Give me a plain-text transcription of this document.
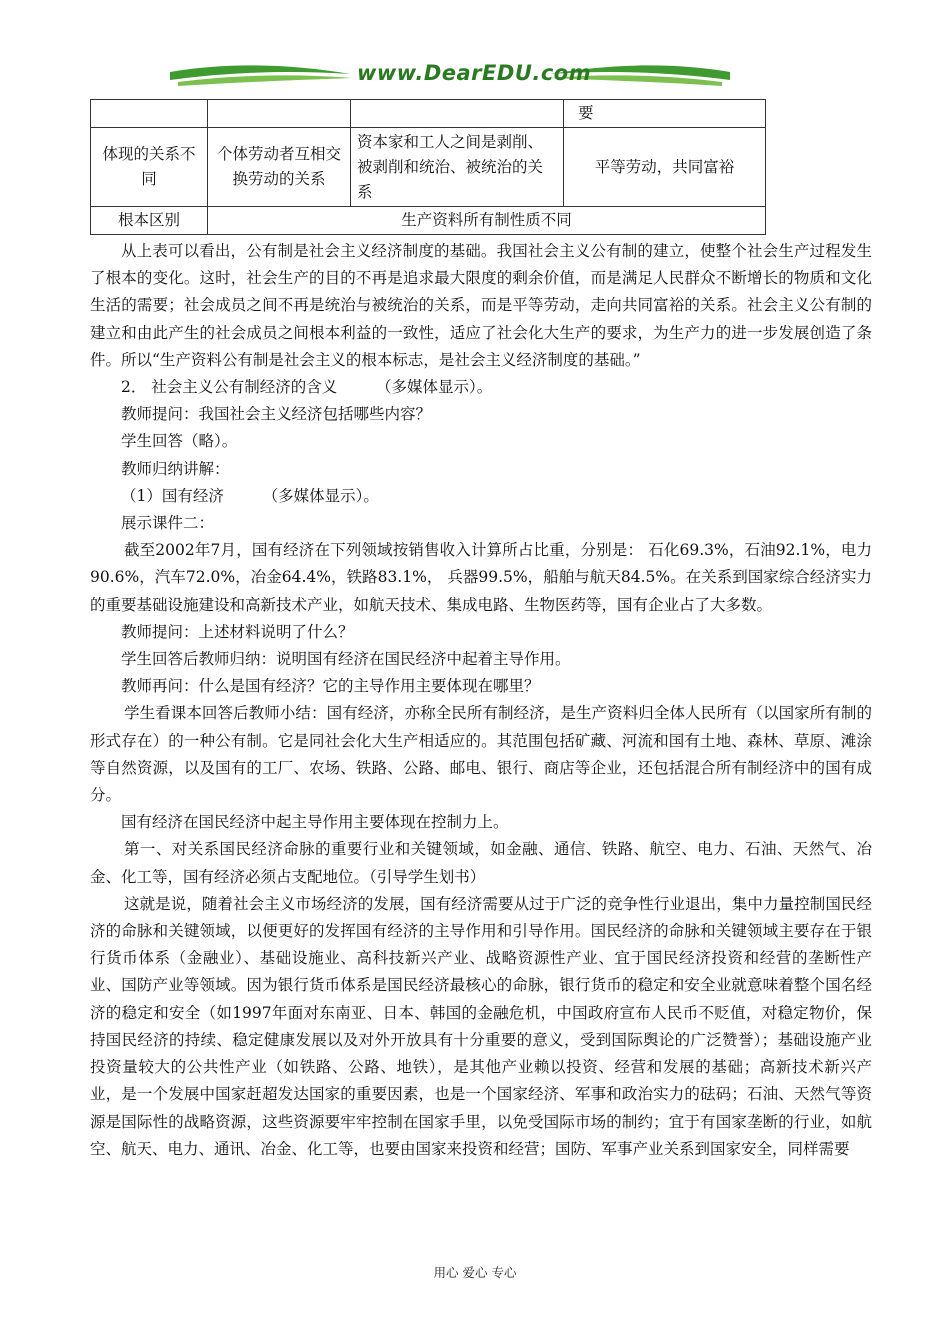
www.DearEDU.com
			要
体现的关系不同	个体劳动者互相交换劳动的关系	资本家和工人之间是剥削、被剥削和统治、被统治的关系	平等劳动，共同富裕
根本区别	生产资料所有制性质不同		

从上表可以看出，公有制是社会主义经济制度的基础。我国社会主义公有制的建立，使整个社会生产过程发生了根本的变化。这时，社会生产的目的不再是追求最大限度的剩余价值，而是满足人民群众不断增长的物质和文化生活的需要；社会成员之间不再是统治与被统治的关系，而是平等劳动，走向共同富裕的关系。社会主义公有制的建立和由此产生的社会成员之间根本利益的一致性，适应了社会化大生产的要求，为生产力的进一步发展创造了条件。所以“生产资料公有制是社会主义的根本标志，是社会主义经济制度的基础。”

2． 社会主义公有制经济的含义　　　（多媒体显示）。

教师提问：我国社会主义经济包括哪些内容？

学生回答（略）。

教师归纳讲解：

（1）国有经济　　　（多媒体显示）。

展示课件二：

截至2002年7月，国有经济在下列领域按销售收入计算所占比重，分别是： 石化69.3%，石油92.1%，电力90.6%，汽车72.0%，冶金64.4%，铁路83.1%， 兵器99.5%，船舶与航天84.5%。在关系到国家综合经济实力的重要基础设施建设和高新技术产业，如航天技术、集成电路、生物医药等，国有企业占了大多数。

教师提问：上述材料说明了什么？

学生回答后教师归纳：说明国有经济在国民经济中起着主导作用。

教师再问：什么是国有经济？它的主导作用主要体现在哪里？

学生看课本回答后教师小结：国有经济，亦称全民所有制经济，是生产资料归全体人民所有（以国家所有制的形式存在）的一种公有制。它是同社会化大生产相适应的。其范围包括矿藏、河流和国有土地、森林、草原、滩涂等自然资源，以及国有的工厂、农场、铁路、公路、邮电、银行、商店等企业，还包括混合所有制经济中的国有成分。

国有经济在国民经济中起主导作用主要体现在控制力上。

第一、对关系国民经济命脉的重要行业和关键领域，如金融、通信、铁路、航空、电力、石油、天然气、冶金、化工等，国有经济必须占支配地位。（引导学生划书）

这就是说，随着社会主义市场经济的发展，国有经济需要从过于广泛的竞争性行业退出，集中力量控制国民经济的命脉和关键领域，以便更好的发挥国有经济的主导作用和引导作用。国民经济的命脉和关键领域主要存在于银行货币体系（金融业）、基础设施业、高科技新兴产业、战略资源性产业、宜于国民经济投资和经营的垄断性产业、国防产业等领域。因为银行货币体系是国民经济最核心的命脉，银行货币的稳定和安全业就意味着整个国名经济的稳定和安全（如1997年面对东南亚、日本、韩国的金融危机，中国政府宣布人民币不贬值，对稳定物价，保持国民经济的持续、稳定健康发展以及对外开放具有十分重要的意义，受到国际舆论的广泛赞誉）；基础设施产业投资量较大的公共性产业（如铁路、公路、地铁），是其他产业赖以投资、经营和发展的基础；高新技术新兴产业，是一个发展中国家赶超发达国家的重要因素，也是一个国家经济、军事和政治实力的砝码；石油、天然气等资源是国际性的战略资源，这些资源要牢牢控制在国家手里，以免受国际市场的制约；宜于有国家垄断的行业，如航空、航天、电力、通讯、冶金、化工等，也要由国家来投资和经营；国防、军事产业关系到国家安全，同样需要

用心 爱心 专心
